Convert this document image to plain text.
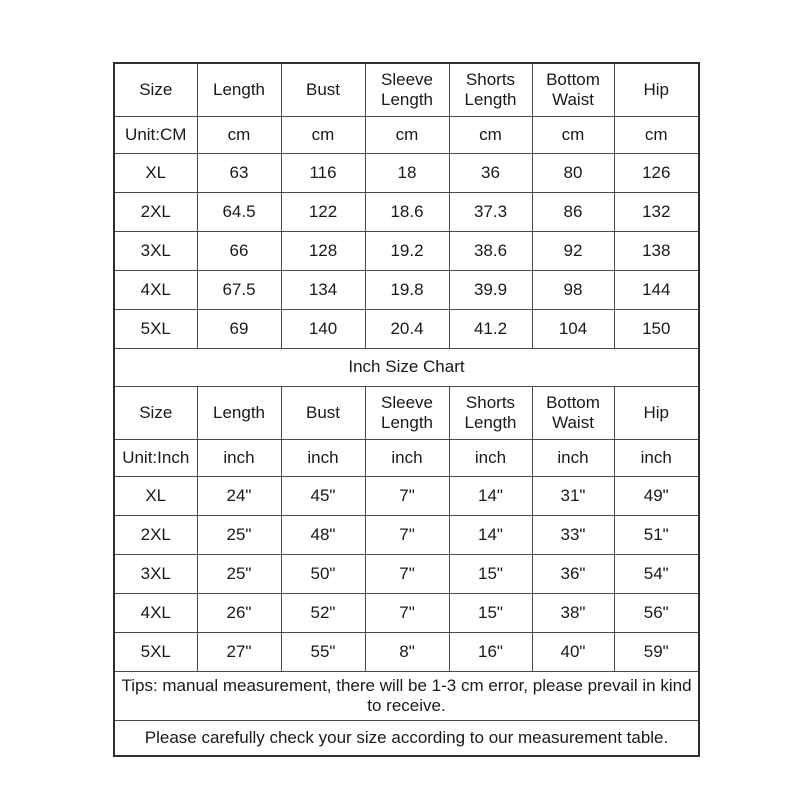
Size	Length	Bust	Sleeve Length	Shorts Length	Bottom Waist	Hip
Unit:CM	cm	cm	cm	cm	cm	cm
XL	63	116	18	36	80	126
2XL	64.5	122	18.6	37.3	86	132
3XL	66	128	19.2	38.6	92	138
4XL	67.5	134	19.8	39.9	98	144
5XL	69	140	20.4	41.2	104	150
Inch Size Chart						
Size	Length	Bust	Sleeve Length	Shorts Length	Bottom Waist	Hip
Unit:Inch	inch	inch	inch	inch	inch	inch
XL	24"	45"	7"	14"	31"	49"
2XL	25"	48"	7"	14"	33"	51"
3XL	25"	50"	7"	15"	36"	54"
4XL	26"	52"	7"	15"	38"	56"
5XL	27"	55"	8"	16"	40"	59"
Tips: manual measurement, there will be 1-3 cm error, please prevail in kind to receive.						
Please carefully check your size according to our measurement table.						
